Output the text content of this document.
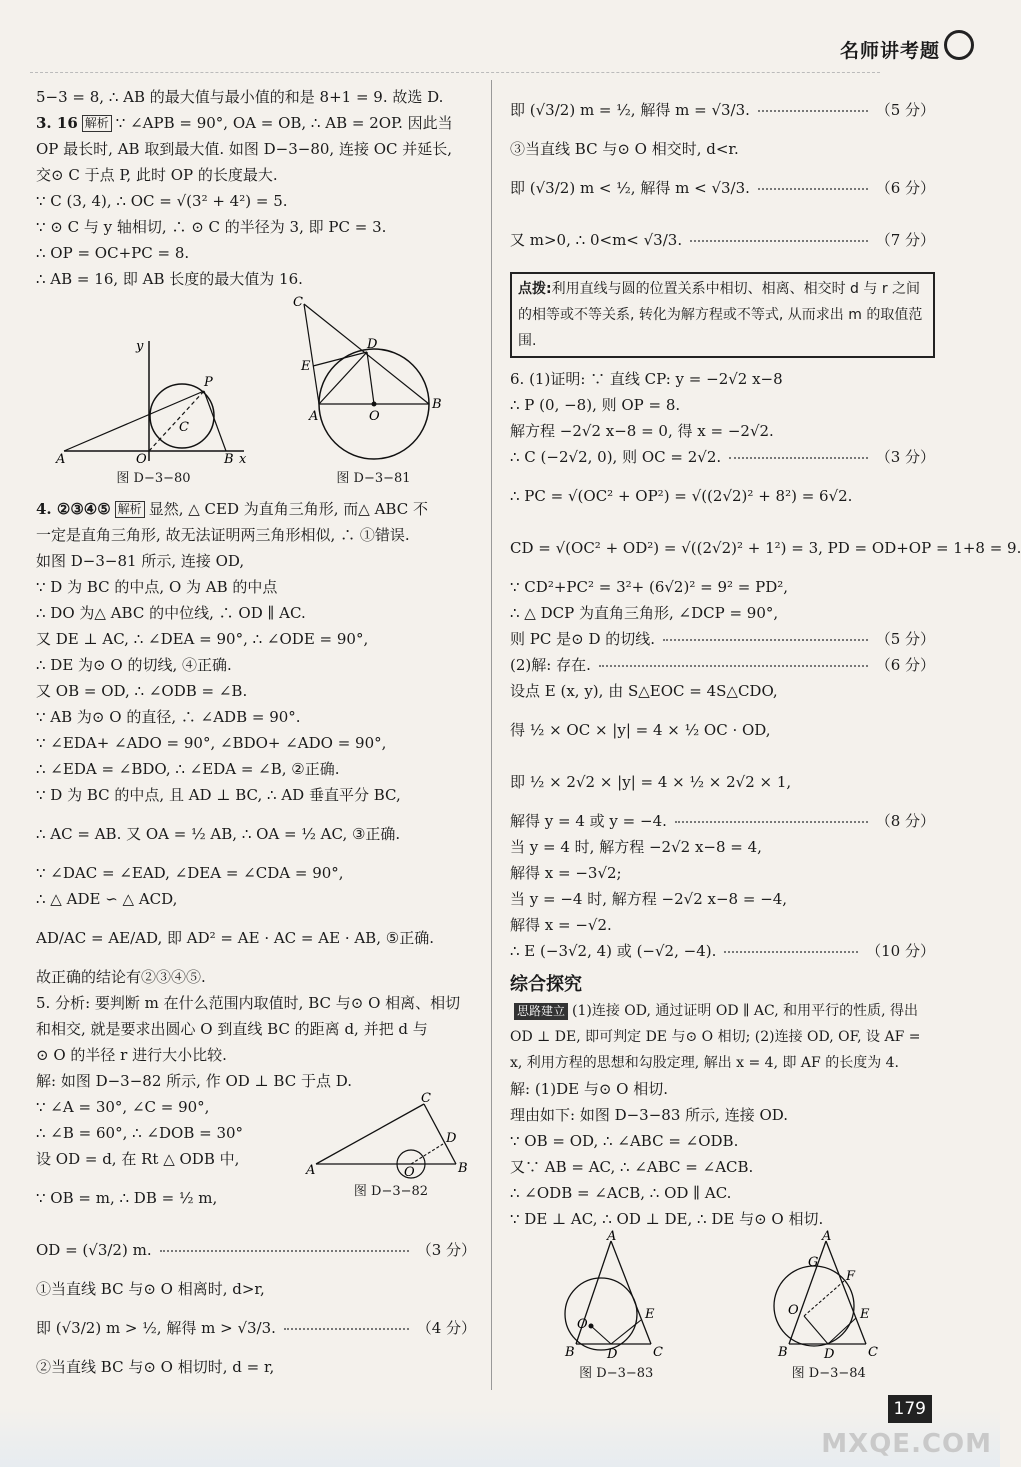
名师讲考题
5−3 = 8, ∴ AB 的最大值与最小值的和是 8+1 = 9. 故选 D.
3. 16 解析 ∵ ∠APB = 90°, OA = OB, ∴ AB = 2OP. 因此当
OP 最长时, AB 取到最大值. 如图 D−3−80, 连接 OC 并延长,
交⊙ C 于点 P, 此时 OP 的长度最大.
∵ C (3, 4), ∴ OC = √(3² + 4²) = 5.
∵ ⊙ C 与 y 轴相切, ∴ ⊙ C 的半径为 3, 即 PC = 3.
∴ OP = OC+PC = 8.
∴ AB = 16, 即 AB 长度的最大值为 16.
A	O	B
C
P
y
x
图 D−3−80
C
D
E
A	O
B
图 D−3−81
4. ②③④⑤ 解析 显然, △ CED 为直角三角形, 而△ ABC 不
一定是直角三角形, 故无法证明两三角形相似, ∴ ①错误.
如图 D−3−81 所示, 连接 OD,
∵ D 为 BC 的中点, O 为 AB 的中点
∴ DO 为△ ABC 的中位线, ∴ OD ∥ AC.
又 DE ⊥ AC, ∴ ∠DEA = 90°, ∴ ∠ODE = 90°,
∴ DE 为⊙ O 的切线, ④正确.
又 OB = OD, ∴ ∠ODB = ∠B.
∵ AB 为⊙ O 的直径, ∴ ∠ADB = 90°.
∵ ∠EDA+ ∠ADO = 90°, ∠BDO+ ∠ADO = 90°,
∴ ∠EDA = ∠BDO, ∴ ∠EDA = ∠B, ②正确.
∵ D 为 BC 的中点, 且 AD ⊥ BC, ∴ AD 垂直平分 BC,
∴ AC = AB. 又 OA = ½ AB, ∴ OA = ½ AC, ③正确.
∵ ∠DAC = ∠EAD, ∠DEA = ∠CDA = 90°,
∴ △ ADE ∽ △ ACD,
AD/AC = AE/AD, 即 AD² = AE · AC = AE · AB, ⑤正确.
故正确的结论有②③④⑤.
5. 分析: 要判断 m 在什么范围内取值时, BC 与⊙ O 相离、相切
和相交, 就是要求出圆心 O 到直线 BC 的距离 d, 并把 d 与
⊙ O 的半径 r 进行大小比较.
解: 如图 D−3−82 所示, 作 OD ⊥ BC 于点 D.
∵ ∠A = 30°, ∠C = 90°,
∴ ∠B = 60°, ∴ ∠DOB = 30°
设 OD = d, 在 Rt △ ODB 中,
∵ OB = m, ∴ DB = ½ m,
OD = (√3/2) m.	（3 分）
①当直线 BC 与⊙ O 相离时, d>r,
即 (√3/2) m > ½, 解得 m > √3/3.	（4 分）
②当直线 BC 与⊙ O 相切时, d = r,
A
C
D
B
O
图 D−3−82
即 (√3/2) m = ½, 解得 m = √3/3.	（5 分）
③当直线 BC 与⊙ O 相交时, d<r.
即 (√3/2) m < ½, 解得 m < √3/3.	（6 分）
又 m>0, ∴ 0<m< √3/3.	（7 分）
点拨:利用直线与圆的位置关系中相切、相离、相交时 d 与 r 之间的相等或不等关系, 转化为解方程或不等式, 从而求出 m 的取值范围.
6. (1)证明: ∵ 直线 CP: y = −2√2 x−8
∴ P (0, −8), 则 OP = 8.
解方程 −2√2 x−8 = 0, 得 x = −2√2.
∴ C (−2√2, 0), 则 OC = 2√2.	（3 分）
∴ PC = √(OC² + OP²) = √((2√2)² + 8²) = 6√2.
CD = √(OC² + OD²) = √((2√2)² + 1²) = 3, PD = OD+OP = 1+8 = 9.
∵ CD²+PC² = 3²+ (6√2)² = 9² = PD²,
∴ △ DCP 为直角三角形, ∠DCP = 90°,
则 PC 是⊙ D 的切线.	（5 分）
(2)解: 存在.	（6 分）
设点 E (x, y), 由 S△EOC = 4S△CDO,
得 ½ × OC × |y| = 4 × ½ OC · OD,
即 ½ × 2√2 × |y| = 4 × ½ × 2√2 × 1,
解得 y = 4 或 y = −4.	（8 分）
当 y = 4 时, 解方程 −2√2 x−8 = 4,
解得 x = −3√2;
当 y = −4 时, 解方程 −2√2 x−8 = −4,
解得 x = −√2.
∴ E (−3√2, 4) 或 (−√2, −4).	（10 分）
综合探究
思路建立 (1)连接 OD, 通过证明 OD ∥ AC, 和用平行的性质, 得出 OD ⊥ DE, 即可判定 DE 与⊙ O 相切; (2)连接 OD, OF, 设 AF = x, 利用方程的思想和勾股定理, 解出 x = 4, 即 AF 的长度为 4.
解: (1)DE 与⊙ O 相切.
理由如下: 如图 D−3−83 所示, 连接 OD.
∵ OB = OD, ∴ ∠ABC = ∠ODB.
又∵ AB = AC, ∴ ∠ABC = ∠ACB.
∴ ∠ODB = ∠ACB, ∴ OD ∥ AC.
∵ DE ⊥ AC, ∴ OD ⊥ DE, ∴ DE 与⊙ O 相切.
A
O
E
B D	C
图 D−3−83
A
G
F
O	E
B	D	C
图 D−3−84
179
MXQE.COM
